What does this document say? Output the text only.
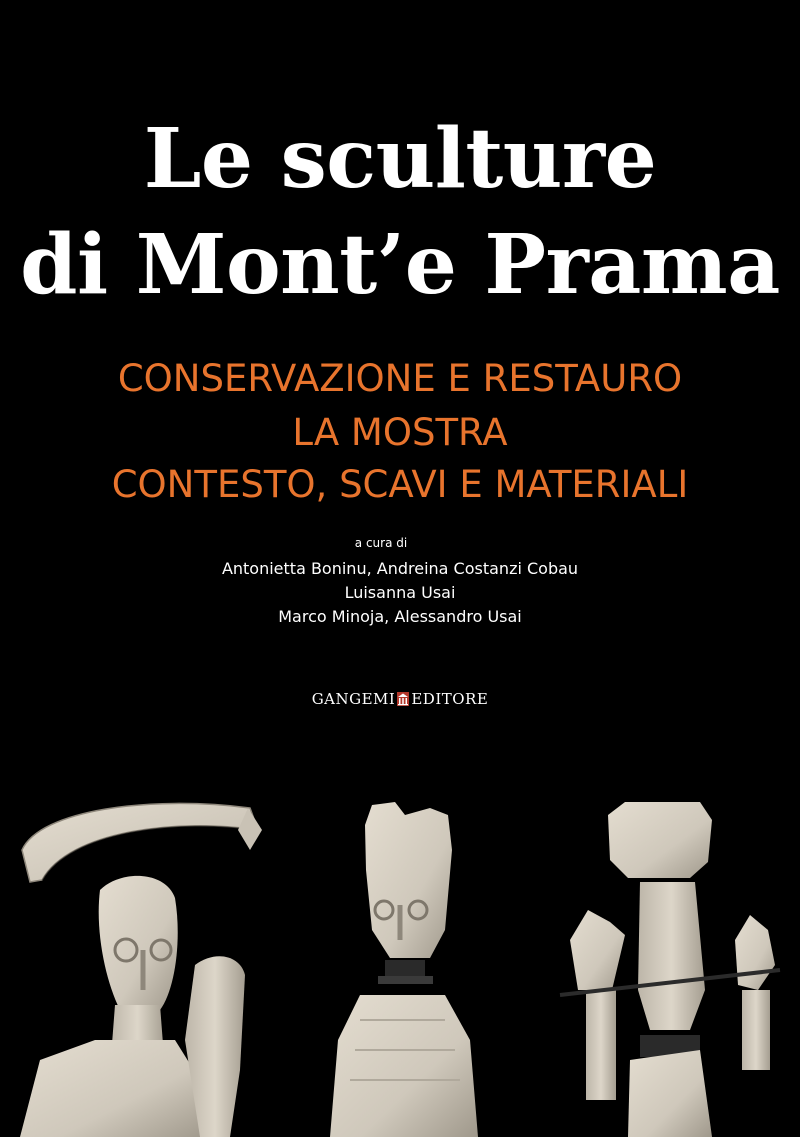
Le sculture
di Mont’e Prama
CONSERVAZIONE E RESTAURO
LA MOSTRA
CONTESTO, SCAVI E MATERIALI
a cura di
Antonietta Boninu, Andreina Costanzi Cobau
Luisanna Usai
Marco Minoja, Alessandro Usai
GANGEMI EDITORE
